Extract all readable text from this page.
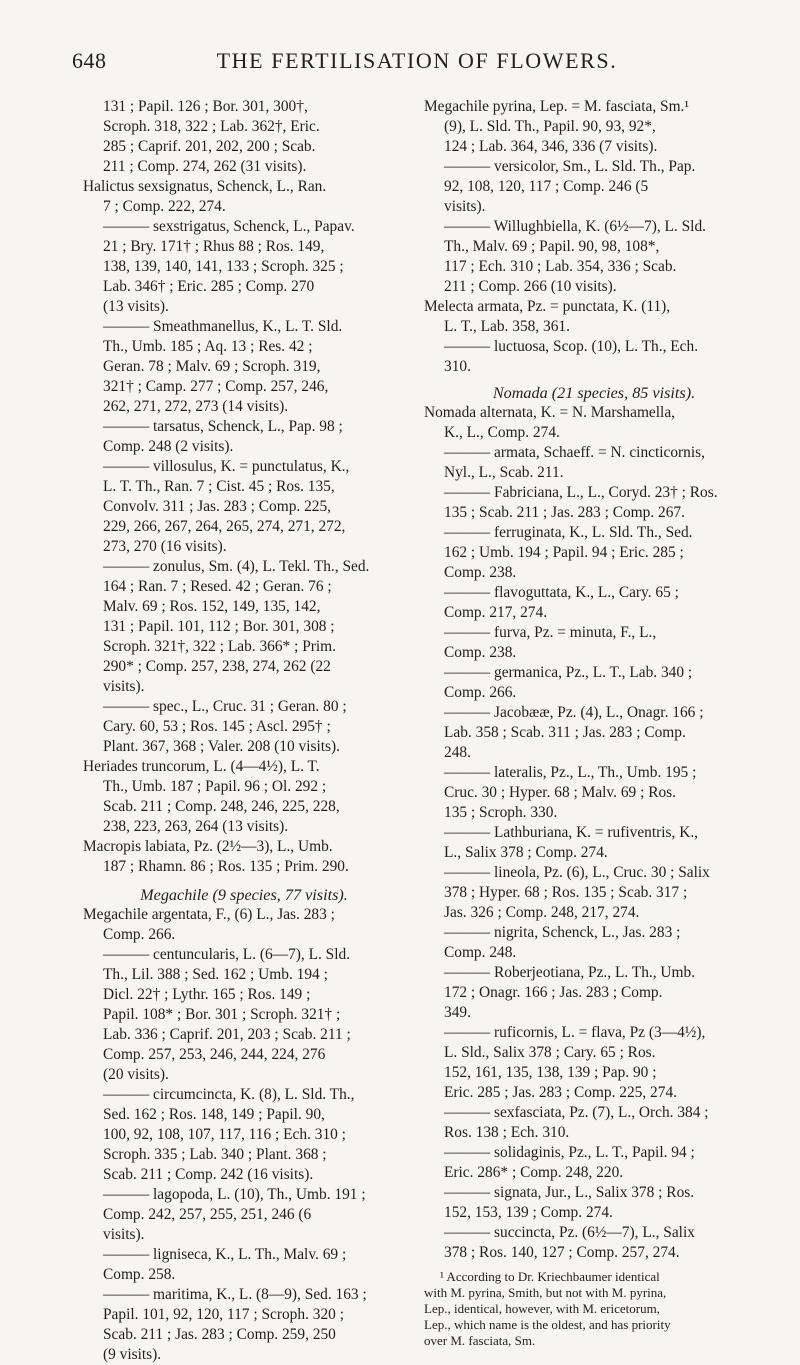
648	THE FERTILISATION OF FLOWERS.
131 ; Papil. 126 ; Bor. 301, 300†,
Scroph. 318, 322 ; Lab. 362†, Eric.
285 ; Caprif. 201, 202, 200 ; Scab.
211 ; Comp. 274, 262 (31 visits).
Halictus sexsignatus, Schenck, L., Ran.
7 ; Comp. 222, 274.
——— sexstrigatus, Schenck, L., Papav.
21 ; Bry. 171† ; Rhus 88 ; Ros. 149,
138, 139, 140, 141, 133 ; Scroph. 325 ;
Lab. 346† ; Eric. 285 ; Comp. 270
(13 visits).
——— Smeathmanellus, K., L. T. Sld.
Th., Umb. 185 ; Aq. 13 ; Res. 42 ;
Geran. 78 ; Malv. 69 ; Scroph. 319,
321† ; Camp. 277 ; Comp. 257, 246,
262, 271, 272, 273 (14 visits).
——— tarsatus, Schenck, L., Pap. 98 ;
Comp. 248 (2 visits).
——— villosulus, K. = punctulatus, K.,
L. T. Th., Ran. 7 ; Cist. 45 ; Ros. 135,
Convolv. 311 ; Jas. 283 ; Comp. 225,
229, 266, 267, 264, 265, 274, 271, 272,
273, 270 (16 visits).
——— zonulus, Sm. (4), L. Tekl. Th., Sed.
164 ; Ran. 7 ; Resed. 42 ; Geran. 76 ;
Malv. 69 ; Ros. 152, 149, 135, 142,
131 ; Papil. 101, 112 ; Bor. 301, 308 ;
Scroph. 321†, 322 ; Lab. 366* ; Prim.
290* ; Comp. 257, 238, 274, 262 (22
visits).
——— spec., L., Cruc. 31 ; Geran. 80 ;
Cary. 60, 53 ; Ros. 145 ; Ascl. 295† ;
Plant. 367, 368 ; Valer. 208 (10 visits).
Heriades truncorum, L. (4—4½), L. T.
Th., Umb. 187 ; Papil. 96 ; Ol. 292 ;
Scab. 211 ; Comp. 248, 246, 225, 228,
238, 223, 263, 264 (13 visits).
Macropis labiata, Pz. (2½—3), L., Umb.
187 ; Rhamn. 86 ; Ros. 135 ; Prim. 290.
Megachile (9 species, 77 visits).
Megachile argentata, F., (6) L., Jas. 283 ;
Comp. 266.
——— centuncularis, L. (6—7), L. Sld.
Th., Lil. 388 ; Sed. 162 ; Umb. 194 ;
Dicl. 22† ; Lythr. 165 ; Ros. 149 ;
Papil. 108* ; Bor. 301 ; Scroph. 321† ;
Lab. 336 ; Caprif. 201, 203 ; Scab. 211 ;
Comp. 257, 253, 246, 244, 224, 276
(20 visits).
——— circumcincta, K. (8), L. Sld. Th.,
Sed. 162 ; Ros. 148, 149 ; Papil. 90,
100, 92, 108, 107, 117, 116 ; Ech. 310 ;
Scroph. 335 ; Lab. 340 ; Plant. 368 ;
Scab. 211 ; Comp. 242 (16 visits).
——— lagopoda, L. (10), Th., Umb. 191 ;
Comp. 242, 257, 255, 251, 246 (6
visits).
——— ligniseca, K., L. Th., Malv. 69 ;
Comp. 258.
——— maritima, K., L. (8—9), Sed. 163 ;
Papil. 101, 92, 120, 117 ; Scroph. 320 ;
Scab. 211 ; Jas. 283 ; Comp. 259, 250
(9 visits).
Megachile pyrina, Lep. = M. fasciata, Sm.¹
(9), L. Sld. Th., Papil. 90, 93, 92*,
124 ; Lab. 364, 346, 336 (7 visits).
——— versicolor, Sm., L. Sld. Th., Pap.
92, 108, 120, 117 ; Comp. 246 (5
visits).
——— Willughbiella, K. (6½—7), L. Sld.
Th., Malv. 69 ; Papil. 90, 98, 108*,
117 ; Ech. 310 ; Lab. 354, 336 ; Scab.
211 ; Comp. 266 (10 visits).
Melecta armata, Pz. = punctata, K. (11),
L. T., Lab. 358, 361.
——— luctuosa, Scop. (10), L. Th., Ech.
310.
Nomada (21 species, 85 visits).
Nomada alternata, K. = N. Marshamella,
K., L., Comp. 274.
——— armata, Schaeff. = N. cincticornis,
Nyl., L., Scab. 211.
——— Fabriciana, L., L., Coryd. 23† ; Ros.
135 ; Scab. 211 ; Jas. 283 ; Comp. 267.
——— ferruginata, K., L. Sld. Th., Sed.
162 ; Umb. 194 ; Papil. 94 ; Eric. 285 ;
Comp. 238.
——— flavoguttata, K., L., Cary. 65 ;
Comp. 217, 274.
——— furva, Pz. = minuta, F., L.,
Comp. 238.
——— germanica, Pz., L. T., Lab. 340 ;
Comp. 266.
——— Jacobææ, Pz. (4), L., Onagr. 166 ;
Lab. 358 ; Scab. 311 ; Jas. 283 ; Comp.
248.
——— lateralis, Pz., L., Th., Umb. 195 ;
Cruc. 30 ; Hyper. 68 ; Malv. 69 ; Ros.
135 ; Scroph. 330.
——— Lathburiana, K. = rufiventris, K.,
L., Salix 378 ; Comp. 274.
——— lineola, Pz. (6), L., Cruc. 30 ; Salix
378 ; Hyper. 68 ; Ros. 135 ; Scab. 317 ;
Jas. 326 ; Comp. 248, 217, 274.
——— nigrita, Schenck, L., Jas. 283 ;
Comp. 248.
——— Roberjeotiana, Pz., L. Th., Umb.
172 ; Onagr. 166 ; Jas. 283 ; Comp.
349.
——— ruficornis, L. = flava, Pz (3—4½),
L. Sld., Salix 378 ; Cary. 65 ; Ros.
152, 161, 135, 138, 139 ; Pap. 90 ;
Eric. 285 ; Jas. 283 ; Comp. 225, 274.
——— sexfasciata, Pz. (7), L., Orch. 384 ;
Ros. 138 ; Ech. 310.
——— solidaginis, Pz., L. T., Papil. 94 ;
Eric. 286* ; Comp. 248, 220.
——— signata, Jur., L., Salix 378 ; Ros.
152, 153, 139 ; Comp. 274.
——— succincta, Pz. (6½—7), L., Salix
378 ; Ros. 140, 127 ; Comp. 257, 274.
¹ According to Dr. Kriechbaumer identical
with M. pyrina, Smith, but not with M. pyrina,
Lep., identical, however, with M. ericetorum,
Lep., which name is the oldest, and has priority
over M. fasciata, Sm.
